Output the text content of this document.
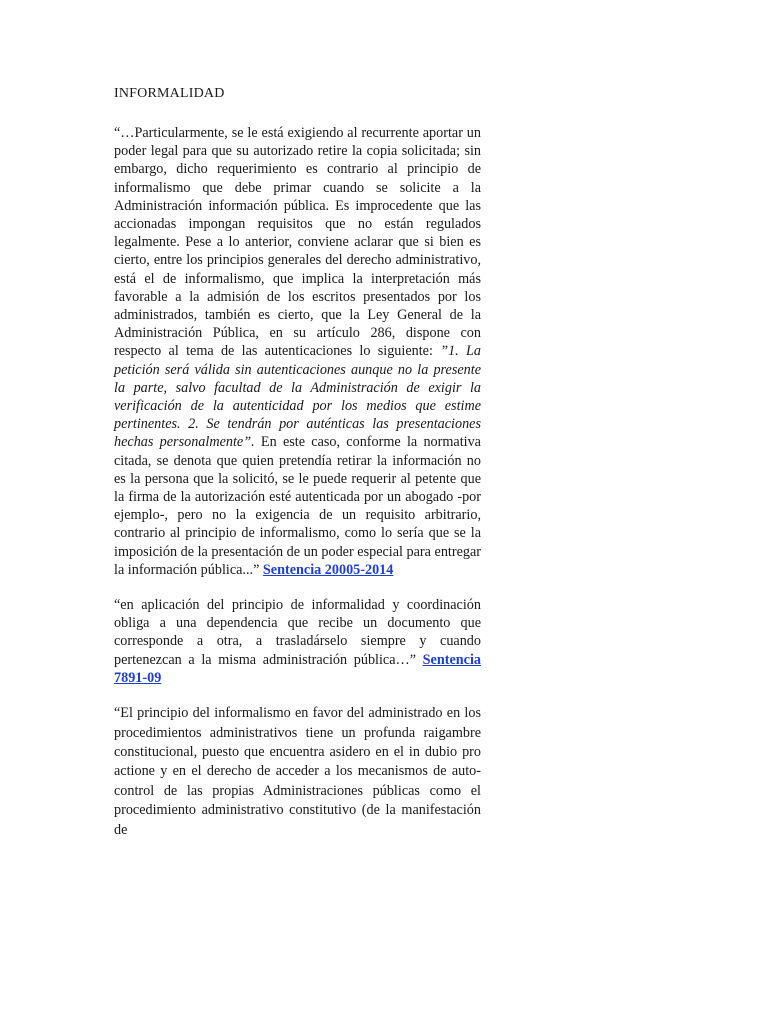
INFORMALIDAD

“…Particularmente, se le está exigiendo al recurrente aportar un poder legal para que su autorizado retire la copia solicitada; sin embargo, dicho requerimiento es contrario al principio de informalismo que debe primar cuando se solicite a la Administración información pública. Es improcedente que las accionadas impongan requisitos que no están regulados legalmente. Pese a lo anterior, conviene aclarar que si bien es cierto, entre los principios generales del derecho administrativo, está el de informalismo, que implica la interpretación más favorable a la admisión de los escritos presentados por los administrados, también es cierto, que la Ley General de la Administración Pública, en su artículo 286, dispone con respecto al tema de las autenticaciones lo siguiente: ”1. La petición será válida sin autenticaciones aunque no la presente la parte, salvo facultad de la Administración de exigir la verificación de la autenticidad por los medios que estime pertinentes. 2. Se tendrán por auténticas las presentaciones hechas personalmente”. En este caso, conforme la normativa citada, se denota que quien pretendía retirar la información no es la persona que la solicitó, se le puede requerir al petente que la firma de la autorización esté autenticada por un abogado -por ejemplo-, pero no la exigencia de un requisito arbitrario, contrario al principio de informalismo, como lo sería que se la imposición de la presentación de un poder especial para entregar la información pública...” Sentencia 20005-2014

“en aplicación del principio de informalidad y coordinación obliga a una dependencia que recibe un documento que corresponde a otra, a trasladárselo siempre y cuando pertenezcan a la misma administración pública…” Sentencia 7891-09

“El principio del informalismo en favor del administrado en los procedimientos administrativos tiene un profunda raigambre constitucional, puesto que encuentra asidero en el in dubio pro actione y en el derecho de acceder a los mecanismos de auto-control de las propias Administraciones públicas como el procedimiento administrativo constitutivo (de la manifestación de
